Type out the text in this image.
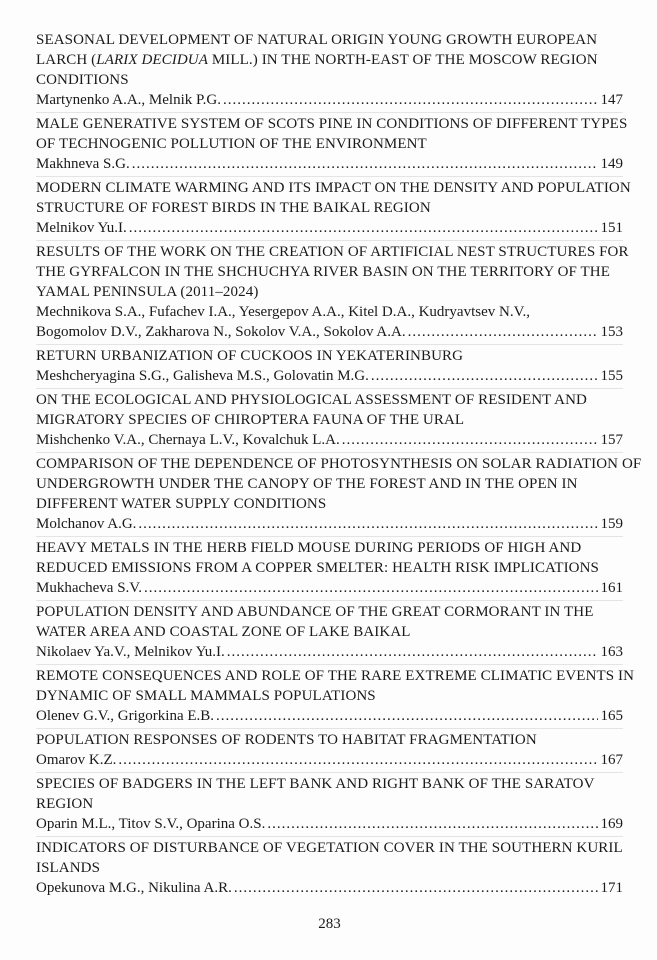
SEASONAL DEVELOPMENT OF NATURAL ORIGIN YOUNG GROWTH EUROPEAN
LARCH (LARIX DECIDUA MILL.) IN THE NORTH-EAST OF THE MOSCOW REGION
CONDITIONS
Martynenko A.A., Melnik P.G. .....	147
MALE GENERATIVE SYSTEM OF SCOTS PINE IN CONDITIONS OF DIFFERENT TYPES
OF TECHNOGENIC POLLUTION OF THE ENVIRONMENT
Makhneva S.G. .....	149
MODERN CLIMATE WARMING AND ITS IMPACT ON THE DENSITY AND POPULATION
STRUCTURE OF FOREST BIRDS IN THE BAIKAL REGION
Melnikov Yu.I. .....	151
RESULTS OF THE WORK ON THE CREATION OF ARTIFICIAL NEST STRUCTURES FOR
THE GYRFALCON IN THE SHCHUCHYA RIVER BASIN ON THE TERRITORY OF THE
YAMAL PENINSULA (2011–2024)
Mechnikova S.A., Fufachev I.A., Yesergepov A.A., Kitel D.A., Kudryavtsev N.V.,
Bogomolov D.V., Zakharova N., Sokolov V.A., Sokolov A.A. .....	153
RETURN URBANIZATION OF CUCKOOS IN YEKATERINBURG
Meshcheryagina S.G., Galisheva M.S., Golovatin M.G. .....	155
ON THE ECOLOGICAL AND PHYSIOLOGICAL ASSESSMENT OF RESIDENT AND
MIGRATORY SPECIES OF CHIROPTERA FAUNA OF THE URAL
Mishchenko V.A., Chernaya L.V., Kovalchuk L.A. .....	157
COMPARISON OF THE DEPENDENCE OF PHOTOSYNTHESIS ON SOLAR RADIATION OF
UNDERGROWTH UNDER THE CANOPY OF THE FOREST AND IN THE OPEN IN
DIFFERENT WATER SUPPLY CONDITIONS
Molchanov A.G. .....	159
HEAVY METALS IN THE HERB FIELD MOUSE DURING PERIODS OF HIGH AND
REDUCED EMISSIONS FROM A COPPER SMELTER: HEALTH RISK IMPLICATIONS
Mukhacheva S.V. .....	161
POPULATION DENSITY AND ABUNDANCE OF THE GREAT CORMORANT IN THE
WATER AREA AND COASTAL ZONE OF LAKE BAIKAL
Nikolaev Ya.V., Melnikov Yu.I. .....	163
REMOTE CONSEQUENCES AND ROLE OF THE RARE EXTREME CLIMATIC EVENTS IN
DYNAMIC OF SMALL MAMMALS POPULATIONS
Olenev G.V., Grigorkina E.B. .....	165
POPULATION RESPONSES OF RODENTS TO HABITAT FRAGMENTATION
Omarov K.Z. .....	167
SPECIES OF BADGERS IN THE LEFT BANK AND RIGHT BANK OF THE SARATOV
REGION
Oparin M.L., Titov S.V., Oparina O.S. .....	169
INDICATORS OF DISTURBANCE OF VEGETATION COVER IN THE SOUTHERN KURIL
ISLANDS
Opekunova M.G., Nikulina A.R. .....	171
283
